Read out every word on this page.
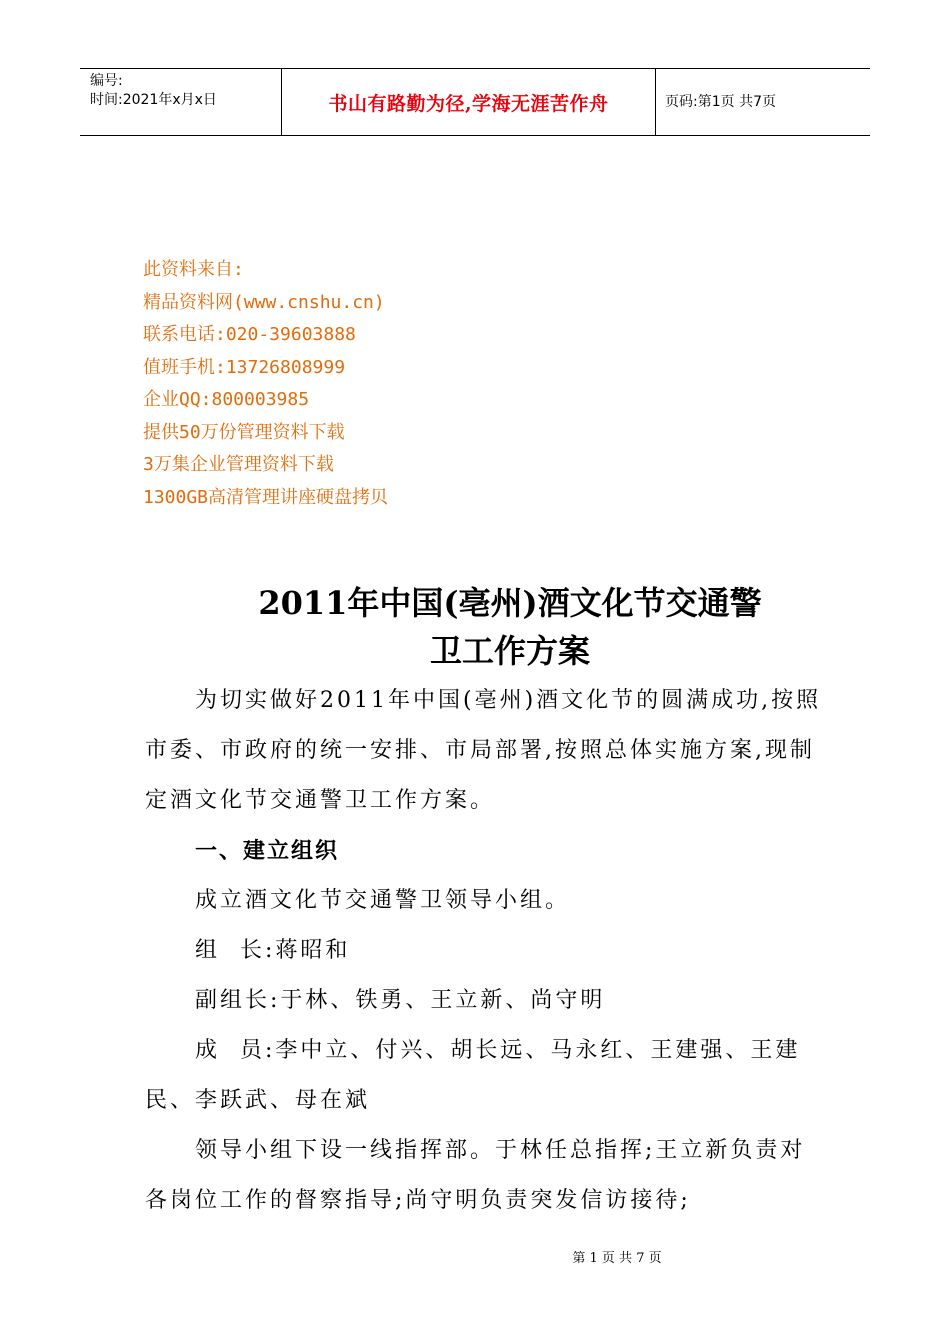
编号:
时间:2021年x月x日	书山有路勤为径,学海无涯苦作舟	页码:第1页 共7页
此资料来自:
精品资料网(www.cnshu.cn)
联系电话:020-39603888
值班手机:13726808999
企业QQ:800003985
提供50万份管理资料下载
3万集企业管理资料下载
1300GB高清管理讲座硬盘拷贝
2011年中国(亳州)酒文化节交通警
卫工作方案

为切实做好2011年中国(亳州)酒文化节的圆满成功,按照市委、市政府的统一安排、市局部署,按照总体实施方案,现制定酒文化节交通警卫工作方案。

一、建立组织

成立酒文化节交通警卫领导小组。

组  长:蒋昭和

副组长:于林、铁勇、王立新、尚守明

成  员:李中立、付兴、胡长远、马永红、王建强、王建民、李跃武、母在斌

领导小组下设一线指挥部。于林任总指挥;王立新负责对各岗位工作的督察指导;尚守明负责突发信访接待;

第 1 页 共 7 页
